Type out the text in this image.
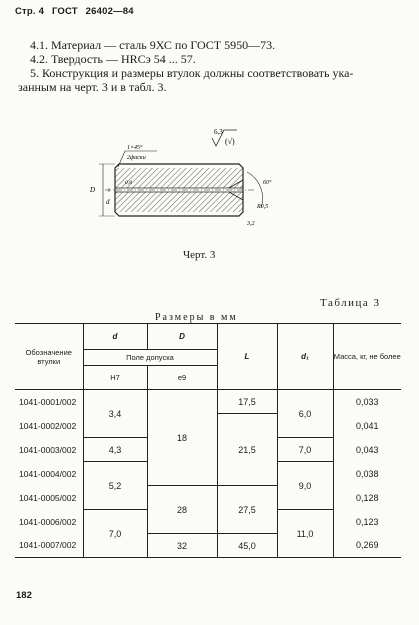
Стр. 4 ГОСТ 26402—84
4.1. Материал — сталь 9ХС по ГОСТ 5950—73.
4.2. Твердость — HRCэ 54 ... 57.
5. Конструкция и размеры втулок должны соответствовать ука-
занным на черт. 3 и в табл. 3.
6,3
(√)
1×45°
2фаски
D
d
0,8	60°
R0,5
3,2
Черт. 3
Таблица 3
Размеры в мм
Обозначение втулки	d	D	L	d₁	Масса, кг, не более
	Поле допуска				
	H7	e9			
1041-0001/002	3,4	18	17,5	6,0	0,033
1041-0002/002			21,5		0,041
1041-0003/002	4,3			7,0	0,043
1041-0004/002	5,2			9,0	0,038
1041-0005/002		28	27,5		0,128
1041-0006/002	7,0			11,0	0,123
1041-0007/002		32	45,0		0,269
182
